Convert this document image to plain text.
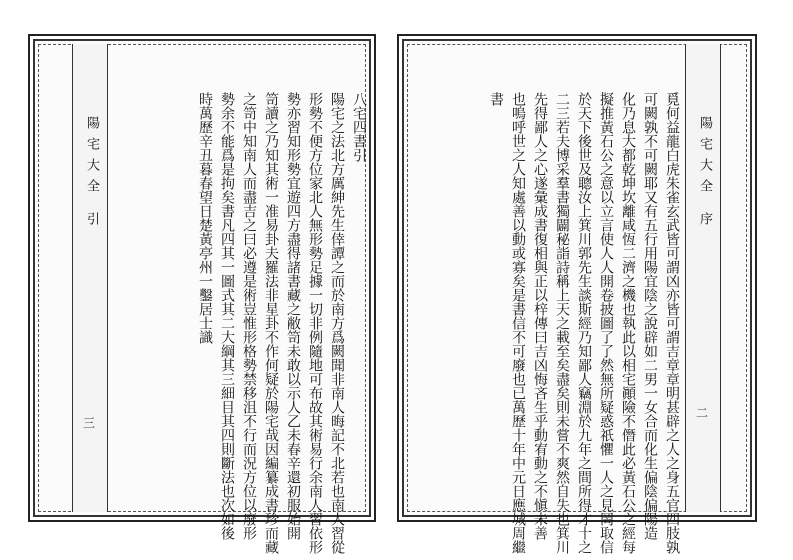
八宅四書引
陽宅之法北方厲紳先生倖譚之而於南方爲闕聞非南人晦記不北若也南人習從
形勢不便方位家北人無形勢足據一切非例隨地可布故其術易行余南人習依形
勢亦習知形勢宜遊四方盡得諸書藏之敝笥未敢以示人乙未春辛還初服始開
笥讀之乃知其術一准易卦夫羅法非星卦不作何疑於陽宅哉因編纂成書珍而藏
之笥中知南人而盡吉之曰必遵是術豈惟形格勢禁移沮不行而況方位以廢形
勢余不能爲是拘矣書凡四其一圖式其二大綱其三細目其四則斷法也次如後
時萬歷辛丑暮春望日楚黃亭州一鑿居士識
陽宅大全 引
三
陽宅大全 序
二
覓何益龍白虎朱雀玄武皆可謂凶亦皆可謂吉章章明甚辟之人之身五官四肢孰
可闕孰不可闕耶又有五行用陽宜陰之說辟如二男一女合而化生偏陰偏陽造
化乃息大都乾坤坎離咸恆二濟之機也執此以相宅顚險不僭此必黃石公之經每
擬推黃石公之意以立言使人人開卷披圖了了然無所疑惑祇懼一人之見罔取信
於天下後世及聰汝上箕川郭先生談斯經乃知鄙人竊淵於九年之間所得才十之
二三若夫博采羣書獨闢秘詣詩稱上天之載至矣盡矣則未嘗不爽然自失也箕川
先得鄙人之心遂彙成書復相與正以梓傳曰吉凶悔吝生乎動宥動之不愼未善
也嗚呼世之人知處善以動或寡矣是書信不可廢也已萬歷十年中元日應城周繼
書
